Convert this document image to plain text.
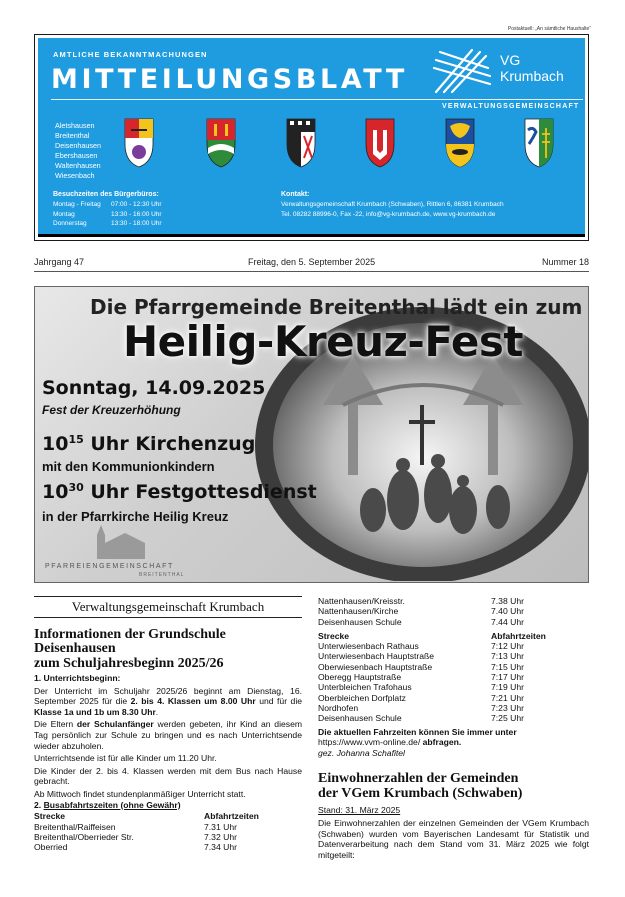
Postaktuell: „An sämtliche Haushalte“
AMTLICHE BEKANNTMACHUNGEN
MITTEILUNGSBLATT
VG
Krumbach
VERWALTUNGSGEMEINSCHAFT
Aletshausen
Breitenthal
Deisenhausen
Ebershausen
Waltenhausen
Wiesenbach
Besuchzeiten des Bürgerbüros:
Montag - Freitag 07:00 - 12:30 Uhr
Montag	13:30 - 16:00 Uhr
Donnerstag	13:30 - 18:00 Uhr
Kontakt:
Verwaltungsgemeinschaft Krumbach (Schwaben), Rittlen 6, 86381 Krumbach
Tel. 08282 88996-0, Fax -22, info@vg-krumbach.de, www.vg-krumbach.de
Jahrgang 47	Freitag, den 5. September 2025	Nummer 18
Die Pfarrgemeinde Breitenthal lädt ein zum
Heilig-Kreuz-Fest
Sonntag, 14.09.2025
Fest der Kreuzerhöhung
$10^{15}$ Uhr Kirchenzug
mit den Kommunionkindern
$10^{30}$ Uhr Festgottesdienst
in der Pfarrkirche Heilig Kreuz
PFARREIENGEMEINSCHAFT
BREITENTHAL
Verwaltungsgemeinschaft Krumbach
Informationen der Grundschule
Deisenhausen
zum Schuljahresbeginn 2025/26
1. Unterrichtsbeginn:
Der Unterricht im Schuljahr 2025/26 beginnt am Dienstag, 16. September 2025 für die 2. bis 4. Klassen um 8.00 Uhr und für die Klasse 1a und 1b um 8.30 Uhr.
Die Eltern der Schulanfänger werden gebeten, ihr Kind an diesem Tag persönlich zur Schule zu bringen und es nach Unterrichtsende wieder abzuholen.
Unterrichtsende ist für alle Kinder um 11.20 Uhr.
Die Kinder der 2. bis 4. Klassen werden mit dem Bus nach Hause gebracht.
Ab Mittwoch findet stundenplanmäßiger Unterricht statt.
2. Busabfahrtszeiten (ohne Gewähr)
Strecke	Abfahrtzeiten
Breitenthal/Raiffeisen	7.31 Uhr
Breitenthal/Oberrieder Str.	7.32 Uhr
Oberried	7.34 Uhr
Nattenhausen/Kreisstr.	7.38 Uhr
Nattenhausen/Kirche	7.40 Uhr
Deisenhausen Schule	7.44 Uhr
Strecke	Abfahrtzeiten
Unterwiesenbach Rathaus	7:12 Uhr
Unterwiesenbach Hauptstraße	7:13 Uhr
Oberwiesenbach Hauptstraße	7:15 Uhr
Oberegg Hauptstraße	7:17 Uhr
Unterbleichen Trafohaus	7:19 Uhr
Oberbleichen Dorfplatz	7:21 Uhr
Nordhofen	7:23 Uhr
Deisenhausen Schule	7:25 Uhr
Die aktuellen Fahrzeiten können Sie immer unter
https://www.vvm-online.de/ abfragen.
gez. Johanna Schafitel
Einwohnerzahlen der Gemeinden
der VGem Krumbach (Schwaben)
Stand: 31. März 2025
Die Einwohnerzahlen der einzelnen Gemeinden der VGem Krumbach (Schwaben) wurden vom Bayerischen Landesamt für Statistik und Datenverarbeitung nach dem Stand vom 31. März 2025 wie folgt mitgeteilt:
